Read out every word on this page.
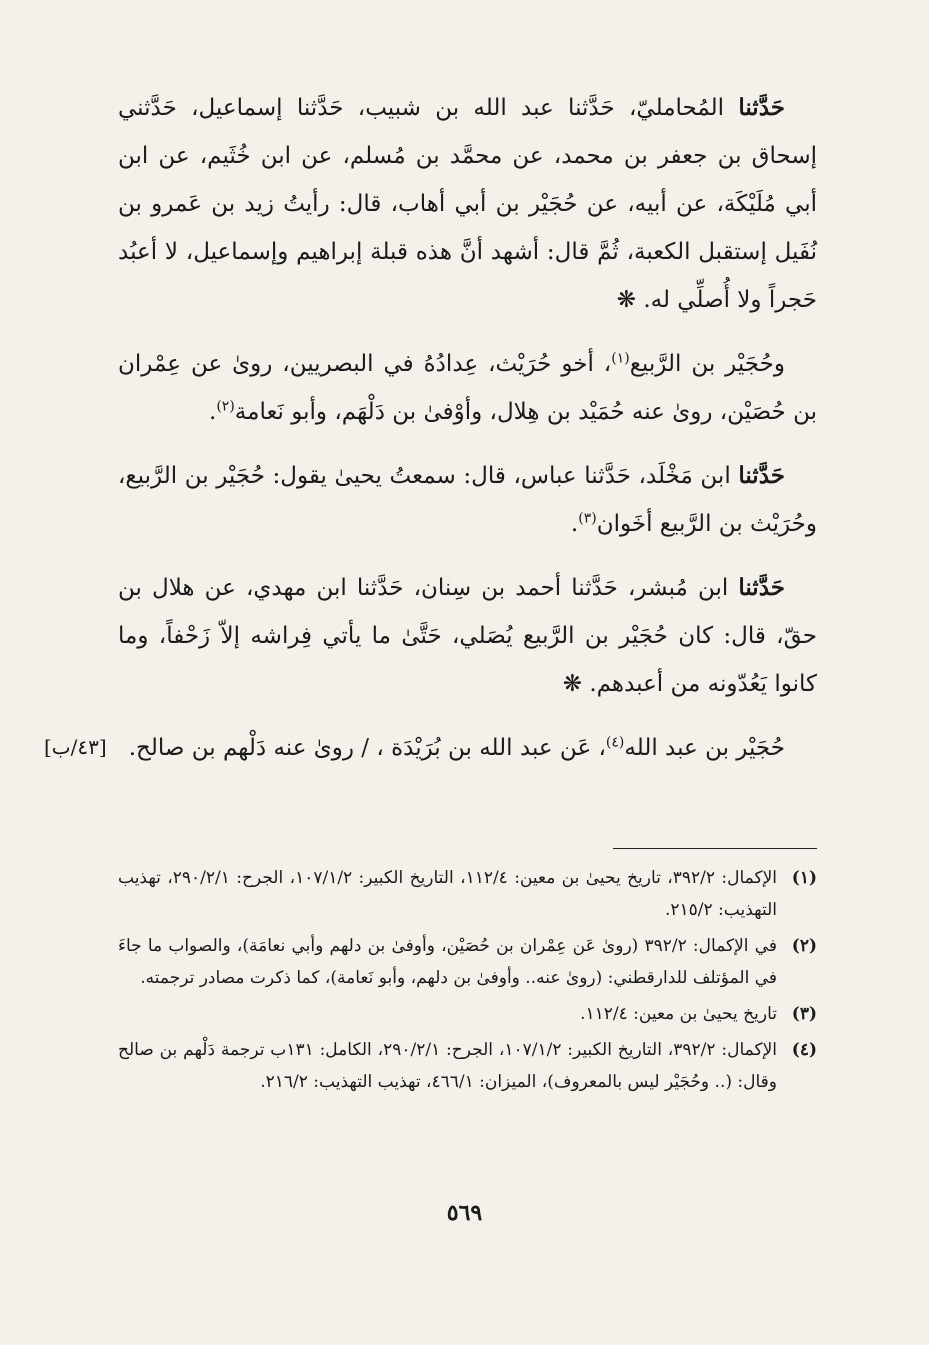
حَدَّثنا المُحامليّ، حَدَّثنا عبد الله بن شبيب، حَدَّثنا إسماعيل، حَدَّثني إسحاق بن جعفر بن محمد، عن محمَّد بن مُسلم، عن ابن خُثَيم، عن ابن أبي مُلَيْكَة، عن أبيه، عن حُجَيْر بن أبي أهاب، قال: رأيتُ زيد بن عَمرو بن نُفَيل إستقبل الكعبة، ثُمَّ قال: أشهد أنَّ هذه قبلة إبراهيم وإسماعيل، لا أعبُد حَجراً ولا أُصلِّي له. ❋

وحُجَيْر بن الرَّبيع$^{(١)}$، أخو حُرَيْث، عِدادُهُ في البصريين، روىٰ عن عِمْران بن حُصَيْن، روىٰ عنه حُمَيْد بن هِلال، وأوْفىٰ بن دَلْهَم، وأبو نَعامة$^{(٢)}$.

حَدَّثنا ابن مَخْلَد، حَدَّثنا عباس، قال: سمعتُ يحيىٰ يقول: حُجَيْر بن الرَّبيع، وحُرَيْث بن الرَّبيع أخَوان$^{(٣)}$.

حَدَّثنا ابن مُبشر، حَدَّثنا أحمد بن سِنان، حَدَّثنا ابن مهدي، عن هلال بن حقّ، قال: كان حُجَيْر بن الرَّبيع يُصَلي، حَتَّىٰ ما يأتي فِراشه إلاّ زَحْفاً، وما كانوا يَعُدّونه من أعبدهم. ❋

حُجَيْر بن عبد الله$^{(٤)}$، عَن عبد الله بن بُرَيْدَة ، / روىٰ عنه دَلْهم بن صالح.

[٤٣/ب]
(١)
الإكمال: ٣٩٢/٢، تاريخ يحيىٰ بن معين: ١١٢/٤، التاريخ الكبير: ١٠٧/١/٢، الجرح: ٢٩٠/٢/١، تهذيب التهذيب: ٢١٥/٢.
(٢)
في الإكمال: ٣٩٢/٢ (روىٰ عَن عِمْران بن حُصَيْن، وأوفىٰ بن دلهم وأبي نعامَة)، والصواب ما جاءَ في المؤتلف للدارقطني: (روىٰ عنه.. وأوفىٰ بن دلهم، وأبو نَعامة)، كما ذكرت مصادر ترجمته.
(٣)
تاريخ يحيىٰ بن معين: ١١٢/٤.
(٤)
الإكمال: ٣٩٢/٢، التاريخ الكبير: ١٠٧/١/٢، الجرح: ٢٩٠/٢/١، الكامل: ١٣١ب ترجمة دَلْهم بن صالح وقال: (.. وحُجَيْر ليس بالمعروف)، الميزان: ٤٦٦/١، تهذيب التهذيب: ٢١٦/٢.
٥٦٩
